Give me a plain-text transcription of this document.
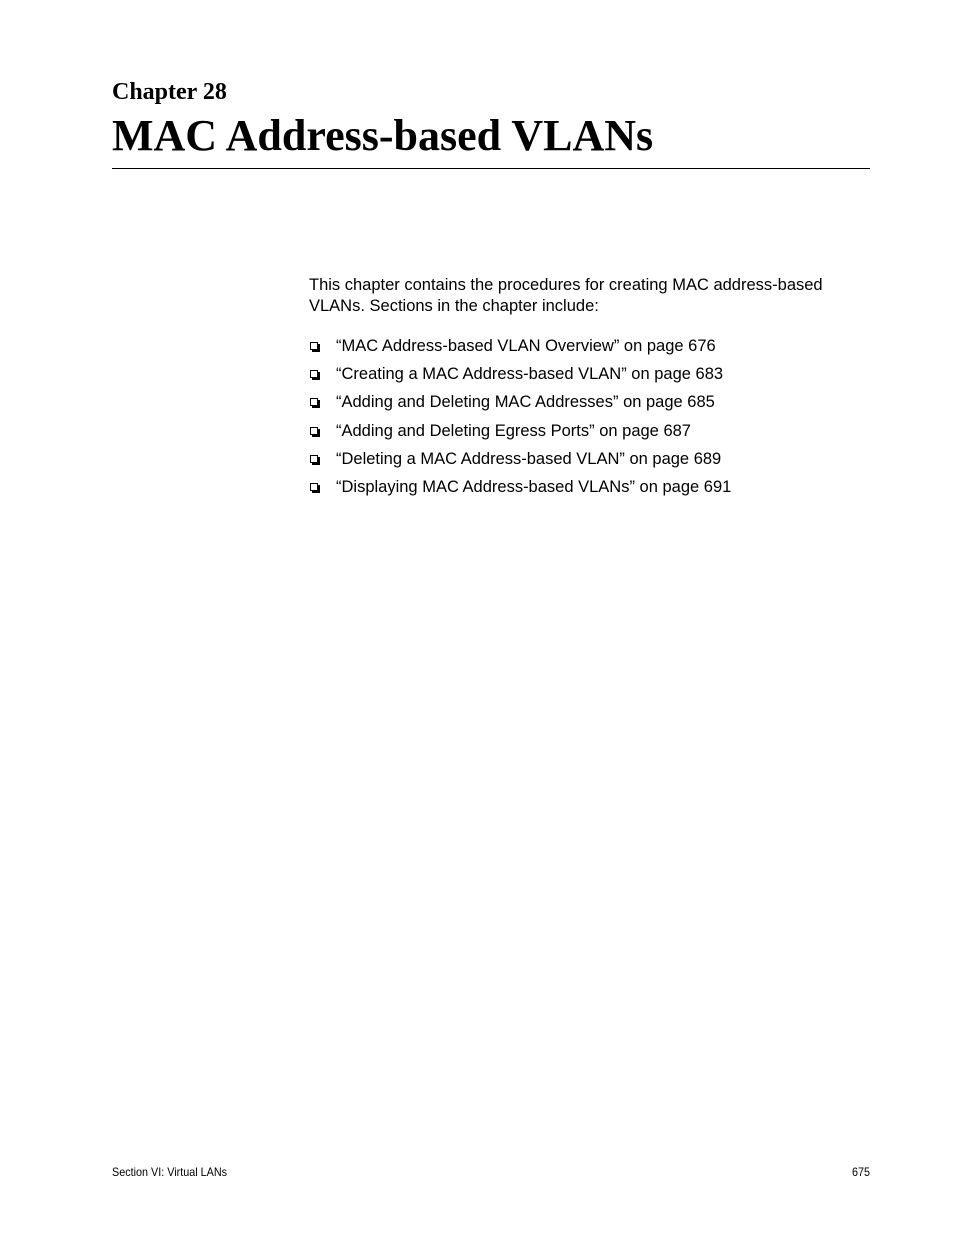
Chapter 28
MAC Address-based VLANs

This chapter contains the procedures for creating MAC address-based VLANs. Sections in the chapter include:

“MAC Address-based VLAN Overview” on page 676
“Creating a MAC Address-based VLAN” on page 683
“Adding and Deleting MAC Addresses” on page 685
“Adding and Deleting Egress Ports” on page 687
“Deleting a MAC Address-based VLAN” on page 689
“Displaying MAC Address-based VLANs” on page 691
Section VI: Virtual LANs	675
